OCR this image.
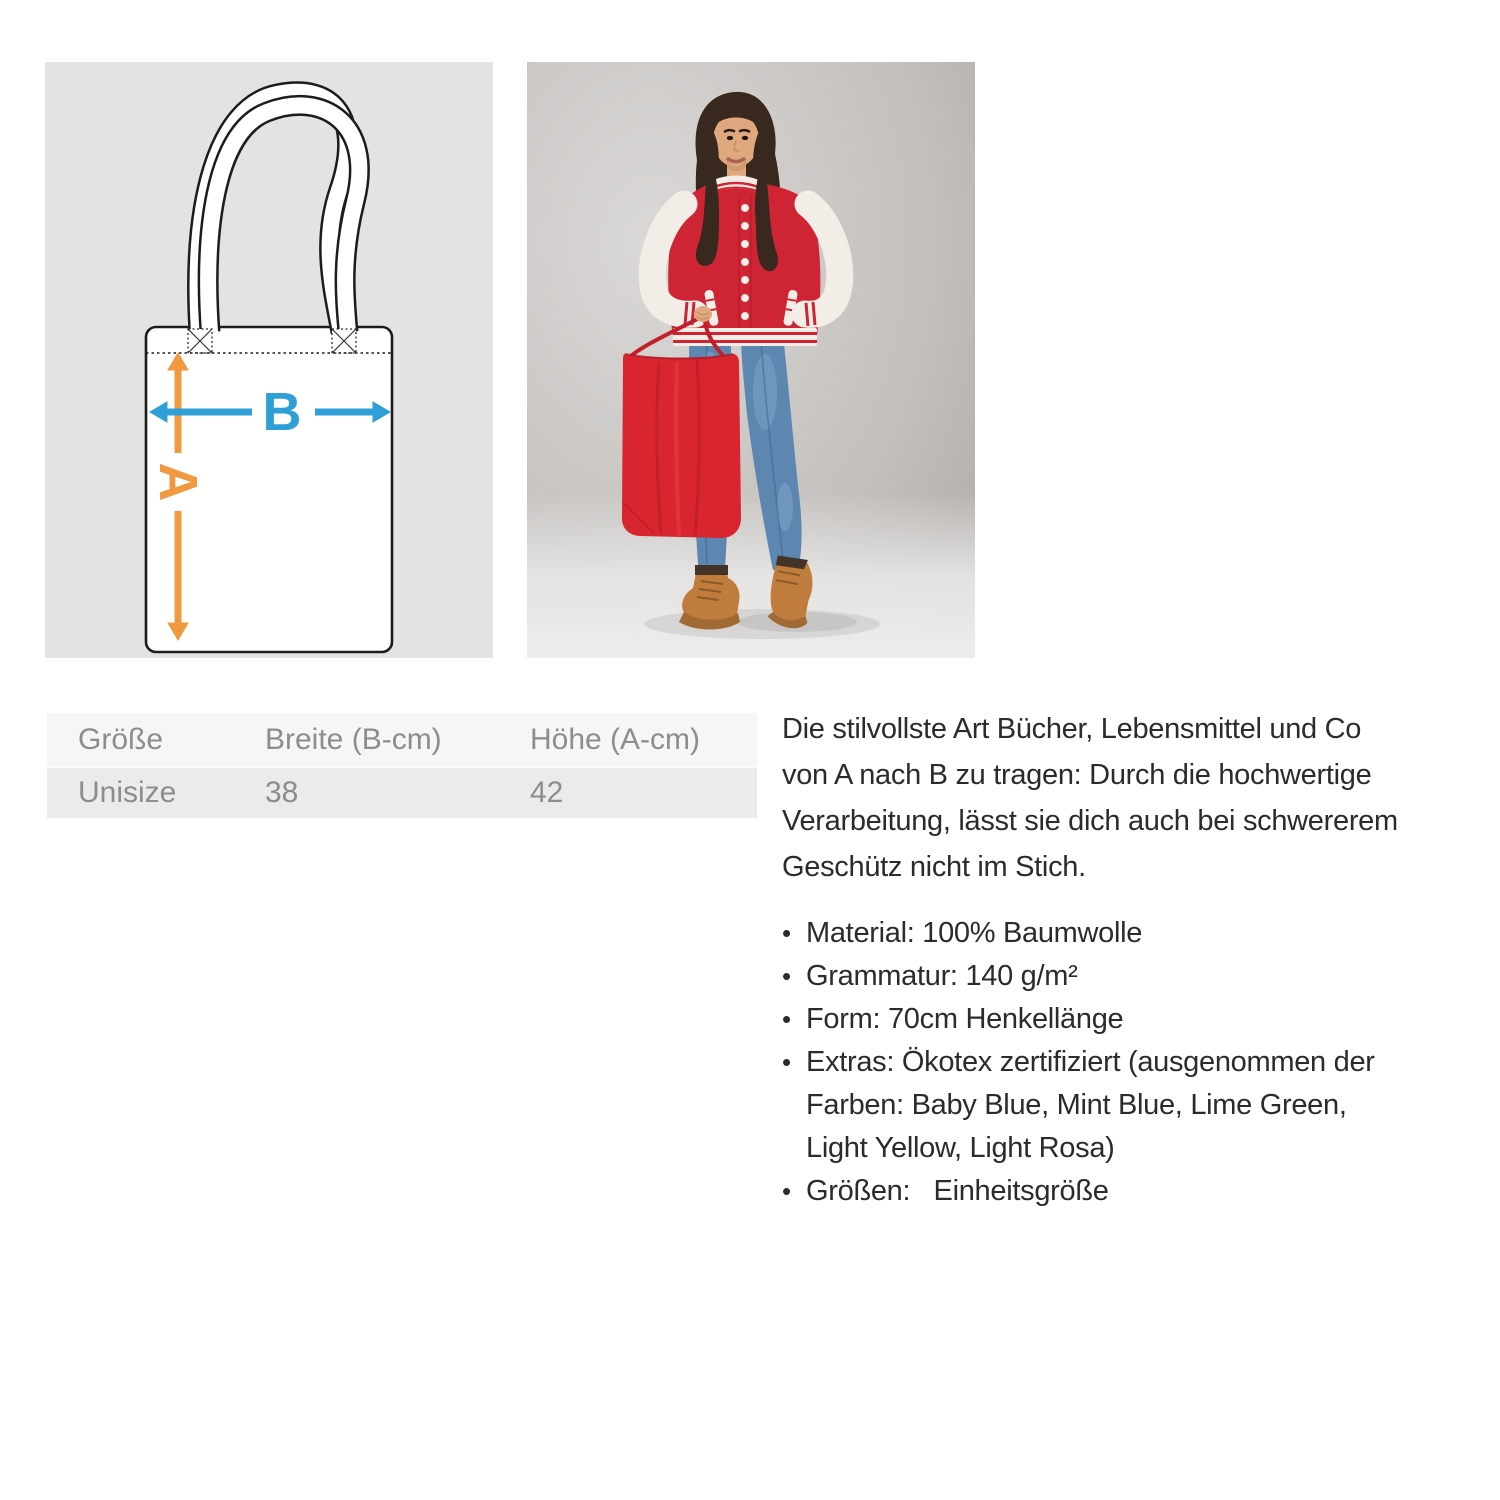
A
B
Größe	Breite (B-cm)	Höhe (A-cm)
Unisize	38	42
Die stilvollste Art Bücher, Lebensmittel und Co
von A nach B zu tragen: Durch die hochwertige
Verarbeitung, lässt sie dich auch bei schwererem
Geschütz nicht im Stich.
• Material: 100% Baumwolle
• Grammatur: 140 g/m²
• Form: 70cm Henkellänge
• Extras: Ökotex zertifiziert (ausgenommen der
Farben: Baby Blue, Mint Blue, Lime Green,
Light Yellow, Light Rosa)
• Größen:   Einheitsgröße
